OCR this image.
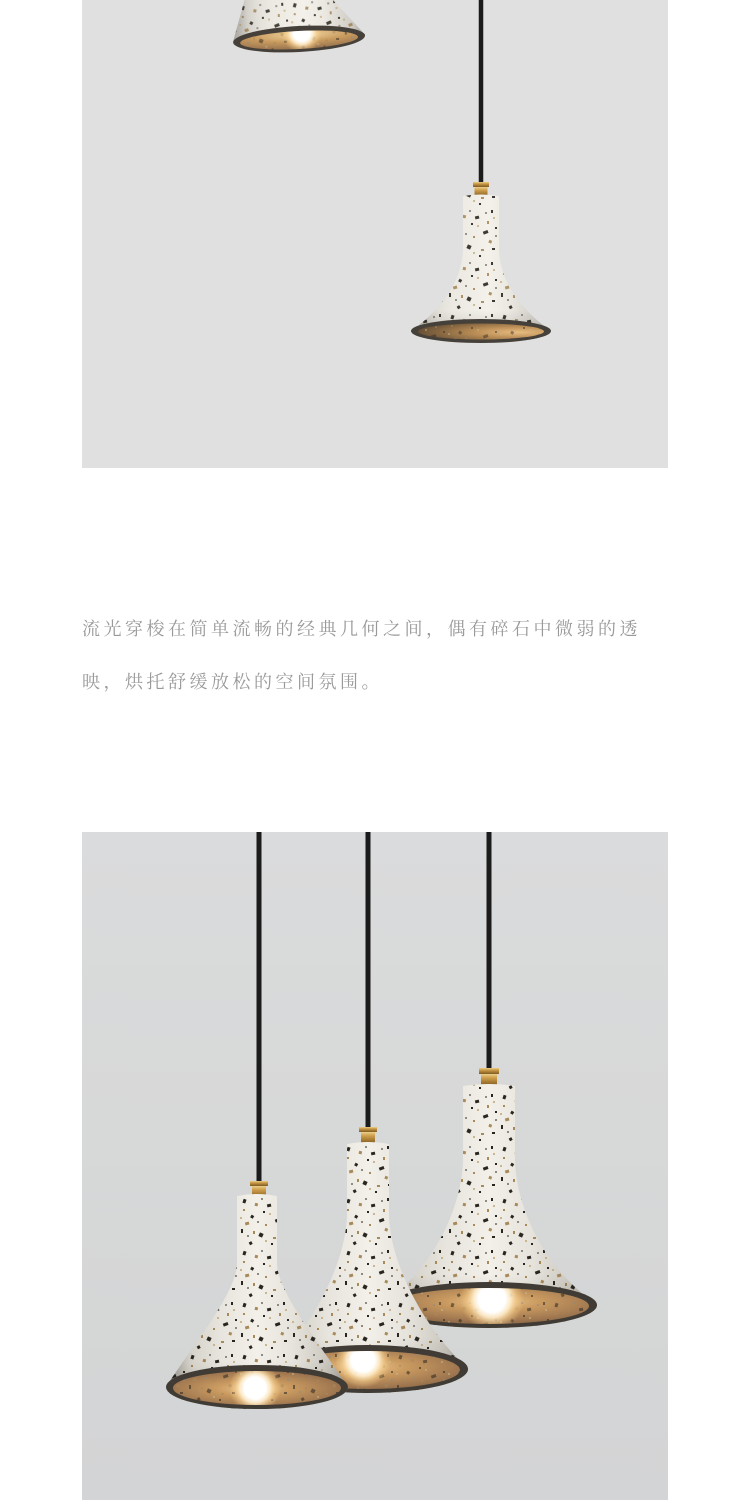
流光穿梭在简单流畅的经典几何之间，偶有碎石中微弱的透映，烘托舒缓放松的空间氛围。
